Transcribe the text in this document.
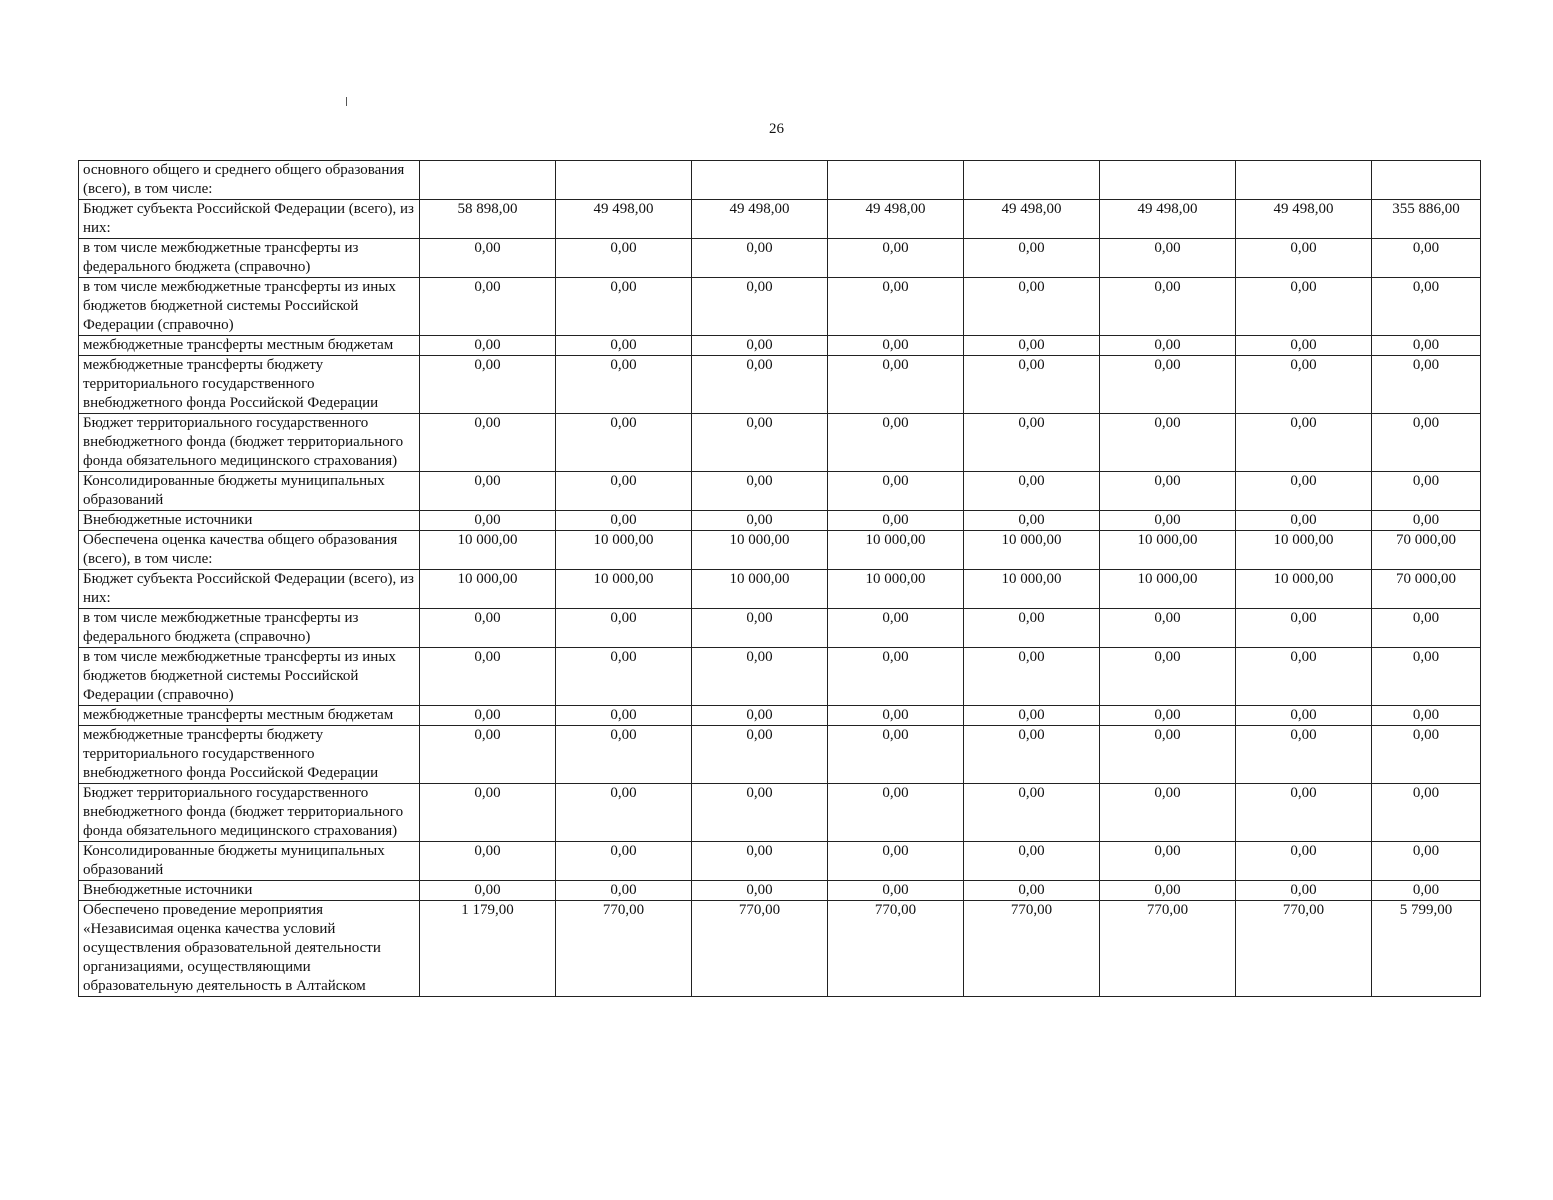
26
основного общего и среднего общего образования (всего), в том числе:								
Бюджет субъекта Российской Федерации (всего), из них:	58 898,00	49 498,00	49 498,00	49 498,00	49 498,00	49 498,00	49 498,00	355 886,00
в том числе межбюджетные трансферты из федерального бюджета (справочно)	0,00	0,00	0,00	0,00	0,00	0,00	0,00	0,00
в том числе межбюджетные трансферты из иных бюджетов бюджетной системы Российской Федерации (справочно)	0,00	0,00	0,00	0,00	0,00	0,00	0,00	0,00
межбюджетные трансферты местным бюджетам	0,00	0,00	0,00	0,00	0,00	0,00	0,00	0,00
межбюджетные трансферты бюджету территориального государственного внебюджетного фонда Российской Федерации	0,00	0,00	0,00	0,00	0,00	0,00	0,00	0,00
Бюджет территориального государственного внебюджетного фонда (бюджет территориального фонда обязательного медицинского страхования)	0,00	0,00	0,00	0,00	0,00	0,00	0,00	0,00
Консолидированные бюджеты муниципальных образований	0,00	0,00	0,00	0,00	0,00	0,00	0,00	0,00
Внебюджетные источники	0,00	0,00	0,00	0,00	0,00	0,00	0,00	0,00
Обеспечена оценка качества общего образования (всего), в том числе:	10 000,00	10 000,00	10 000,00	10 000,00	10 000,00	10 000,00	10 000,00	70 000,00
Бюджет субъекта Российской Федерации (всего), из них:	10 000,00	10 000,00	10 000,00	10 000,00	10 000,00	10 000,00	10 000,00	70 000,00
в том числе межбюджетные трансферты из федерального бюджета (справочно)	0,00	0,00	0,00	0,00	0,00	0,00	0,00	0,00
в том числе межбюджетные трансферты из иных бюджетов бюджетной системы Российской Федерации (справочно)	0,00	0,00	0,00	0,00	0,00	0,00	0,00	0,00
межбюджетные трансферты местным бюджетам	0,00	0,00	0,00	0,00	0,00	0,00	0,00	0,00
межбюджетные трансферты бюджету территориального государственного внебюджетного фонда Российской Федерации	0,00	0,00	0,00	0,00	0,00	0,00	0,00	0,00
Бюджет территориального государственного внебюджетного фонда (бюджет территориального фонда обязательного медицинского страхования)	0,00	0,00	0,00	0,00	0,00	0,00	0,00	0,00
Консолидированные бюджеты муниципальных образований	0,00	0,00	0,00	0,00	0,00	0,00	0,00	0,00
Внебюджетные источники	0,00	0,00	0,00	0,00	0,00	0,00	0,00	0,00
Обеспечено проведение мероприятия «Независимая оценка качества условий осуществления образовательной деятельности организациями, осуществляющими образовательную деятельность в Алтайском	1 179,00	770,00	770,00	770,00	770,00	770,00	770,00	5 799,00
